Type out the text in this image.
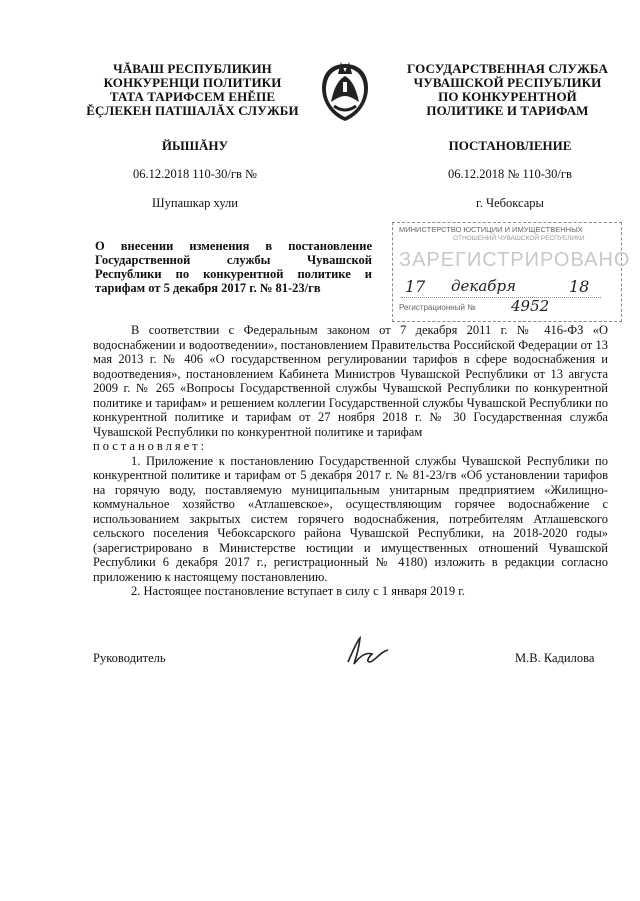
ЧĂВАШ РЕСПУБЛИКИН
КОНКУРЕНЦИ ПОЛИТИКИ
ТАТА ТАРИФСЕМ ЕНĔПЕ
ĔÇЛЕКЕН ПАТШАЛĂХ СЛУЖБИ
ГОСУДАРСТВЕННАЯ СЛУЖБА
ЧУВАШСКОЙ РЕСПУБЛИКИ
ПО КОНКУРЕНТНОЙ
ПОЛИТИКЕ И ТАРИФАМ
ЙЫШĂНУ	ПОСТАНОВЛЕНИЕ
06.12.2018 110-30/гв №	06.12.2018 № 110-30/гв
Шупашкар хули	г. Чебоксары
О внесении изменения в постановление
Государственной службы Чувашской
Республики по конкурентной политике и
тарифам от 5 декабря 2017 г. № 81-23/гв
МИНИСТЕРСТВО ЮСТИЦИИ И ИМУЩЕСТВЕННЫХ
ОТНОШЕНИЙ ЧУВАШСКОЙ РЕСПУБЛИКИ
ЗАРЕГИСТРИРОВАНО
17 декабря	18
Регистрационный № 4952

В соответствии с Федеральным законом от 7 декабря 2011 г. № 416-ФЗ «О водоснабжении и водоотведении», постановлением Правительства Российской Федерации от 13 мая 2013 г. № 406 «О государственном регулировании тарифов в сфере водоснабжения и водоотведения», постановлением Кабинета Министров Чувашской Республики от 13 августа 2009 г. № 265 «Вопросы Государственной службы Чувашской Республики по конкурентной политике и тарифам» и решением коллегии Государственной службы Чувашской Республики по конкурентной политике и тарифам от 27 ноября 2018 г. № 30 Государственная служба Чувашской Республики по конкурентной политике и тарифам

постановляет:

1. Приложение к постановлению Государственной службы Чувашской Республики по конкурентной политике и тарифам от 5 декабря 2017 г. № 81-23/гв «Об установлении тарифов на горячую воду, поставляемую муниципальным унитарным предприятием «Жилищно-коммунальное хозяйство «Атлашевское», осуществляющим горячее водоснабжение с использованием закрытых систем горячего водоснабжения, потребителям Атлашевского сельского поселения Чебоксарского района Чувашской Республики, на 2018-2020 годы» (зарегистрировано в Министерстве юстиции и имущественных отношений Чувашской Республики 6 декабря 2017 г., регистрационный № 4180) изложить в редакции согласно приложению к настоящему постановлению.

2. Настоящее постановление вступает в силу с 1 января 2019 г.

Руководитель	М.В. Кадилова
